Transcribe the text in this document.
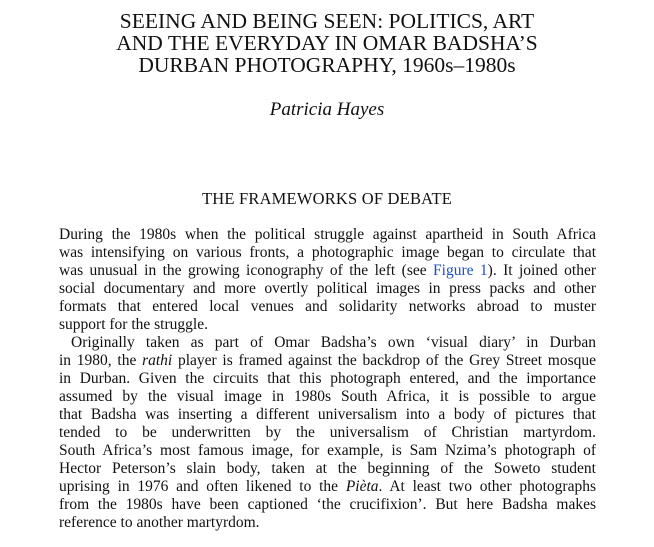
SEEING AND BEING SEEN: POLITICS, ART
AND THE EVERYDAY IN OMAR BADSHA’S
DURBAN PHOTOGRAPHY, 1960s–1980s
Patricia Hayes
THE FRAMEWORKS OF DEBATE
During the 1980s when the political struggle against apartheid in South Africa
was intensifying on various fronts, a photographic image began to circulate that
was unusual in the growing iconography of the left (see Figure 1). It joined other
social documentary and more overtly political images in press packs and other
formats that entered local venues and solidarity networks abroad to muster
support for the struggle.
Originally taken as part of Omar Badsha’s own ‘visual diary’ in Durban
in 1980, the rathi player is framed against the backdrop of the Grey Street mosque
in Durban. Given the circuits that this photograph entered, and the importance
assumed by the visual image in 1980s South Africa, it is possible to argue
that Badsha was inserting a different universalism into a body of pictures that
tended to be underwritten by the universalism of Christian martyrdom.
South Africa’s most famous image, for example, is Sam Nzima’s photograph of
Hector Peterson’s slain body, taken at the beginning of the Soweto student
uprising in 1976 and often likened to the Pièta. At least two other photographs
from the 1980s have been captioned ‘the crucifixion’. But here Badsha makes
reference to another martyrdom.
